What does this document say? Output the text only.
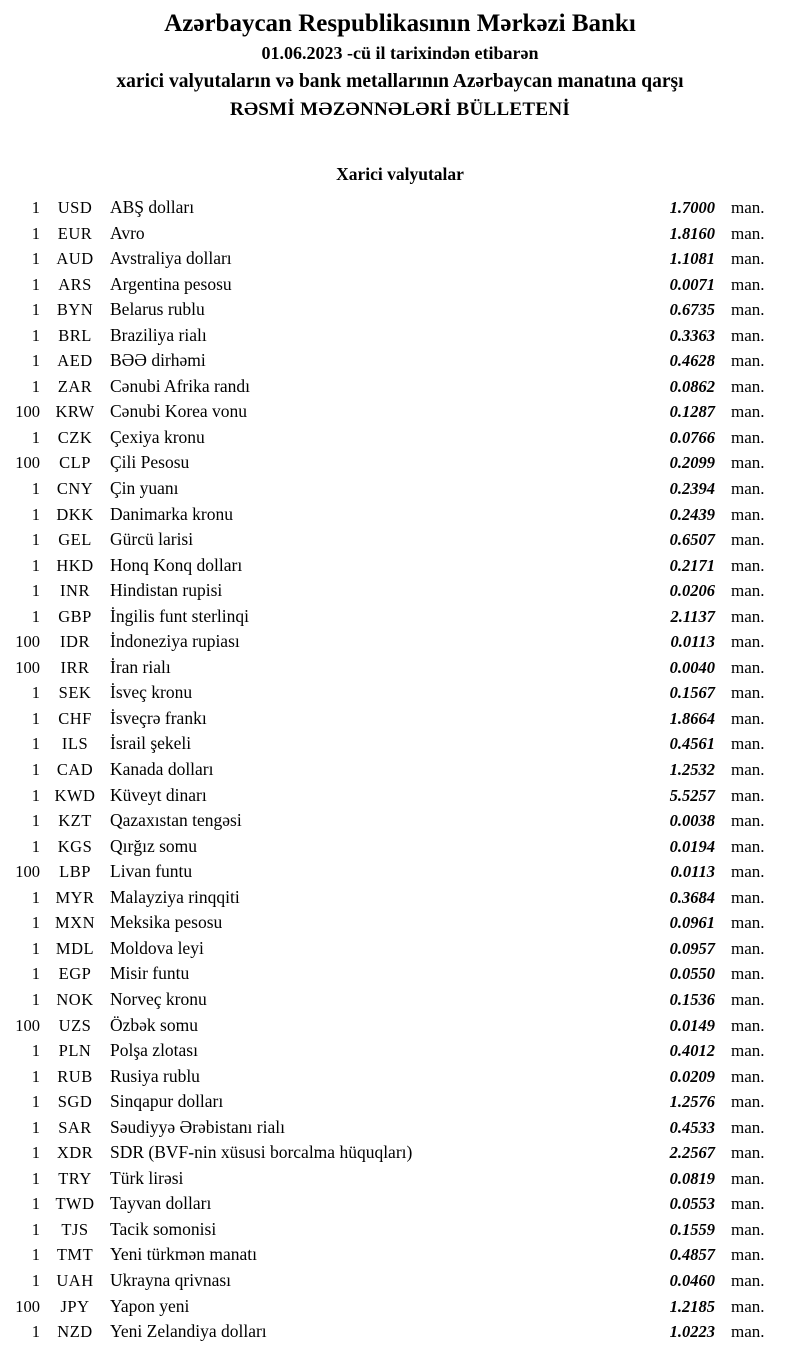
Azərbaycan Respublikasının Mərkəzi Bankı
01.06.2023 -cü il tarixindən etibarən
xarici valyutaların və bank metallarının Azərbaycan manatına qarşı
RƏSMİ MƏZƏNNƏLƏRİ BÜLLETENİ
Xarici valyutalar
1	USD	ABŞ dolları	1.7000 man.
1	EUR	Avro	1.8160 man.
1 AUD Avstraliya dolları	1.1081 man.
1	ARS	Argentina pesosu	0.0071 man.
1	BYN Belarus rublu	0.6735 man.
1	BRL	Braziliya rialı	0.3363 man.
1	AED BƏƏ dirhəmi	0.4628 man.
1	ZAR	Cənubi Afrika randı	0.0862 man.
100 KRW Cənubi Korea vonu	0.1287 man.
1	CZK	Çexiya kronu	0.0766 man.
100	CLP	Çili Pesosu	0.2099 man.
1	CNY Çin yuanı	0.2394 man.
1 DKK Danimarka kronu	0.2439 man.
1	GEL	Gürcü larisi	0.6507 man.
1 HKD Honq Konq dolları	0.2171 man.
1	INR	Hindistan rupisi	0.0206 man.
1	GBP	İngilis funt sterlinqi	2.1137 man.
100	IDR	İndoneziya rupiası	0.0113 man.
100	IRR	İran rialı	0.0040 man.
1	SEK	İsveç kronu	0.1567 man.
1	CHF	İsveçrə frankı	1.8664 man.
1	ILS	İsrail şekeli	0.4561 man.
1	CAD Kanada dolları	1.2532 man.
1 KWD Küveyt dinarı	5.5257 man.
1	KZT	Qazaxıstan tengəsi	0.0038 man.
1	KGS	Qırğız somu	0.0194 man.
100	LBP	Livan funtu	0.0113 man.
1 MYR Malayziya rinqqiti	0.3684 man.
1 MXN Meksika pesosu	0.0961 man.
1 MDL Moldova leyi	0.0957 man.
1	EGP	Misir funtu	0.0550 man.
1 NOK Norveç kronu	0.1536 man.
100	UZS	Özbək somu	0.0149 man.
1	PLN	Polşa zlotası	0.4012 man.
1	RUB Rusiya rublu	0.0209 man.
1	SGD	Sinqapur dolları	1.2576 man.
1	SAR	Səudiyyə Ərəbistanı rialı	0.4533 man.
1	XDR SDR (BVF-nin xüsusi borcalma hüquqları)	2.2567 man.
1	TRY	Türk lirəsi	0.0819 man.
1 TWD Tayvan dolları	0.0553 man.
1	TJS	Tacik somonisi	0.1559 man.
1	TMT Yeni türkmən manatı	0.4857 man.
1 UAH Ukrayna qrivnası	0.0460 man.
100	JPY	Yapon yeni	1.2185 man.
1	NZD Yeni Zelandiya dolları	1.0223 man.
